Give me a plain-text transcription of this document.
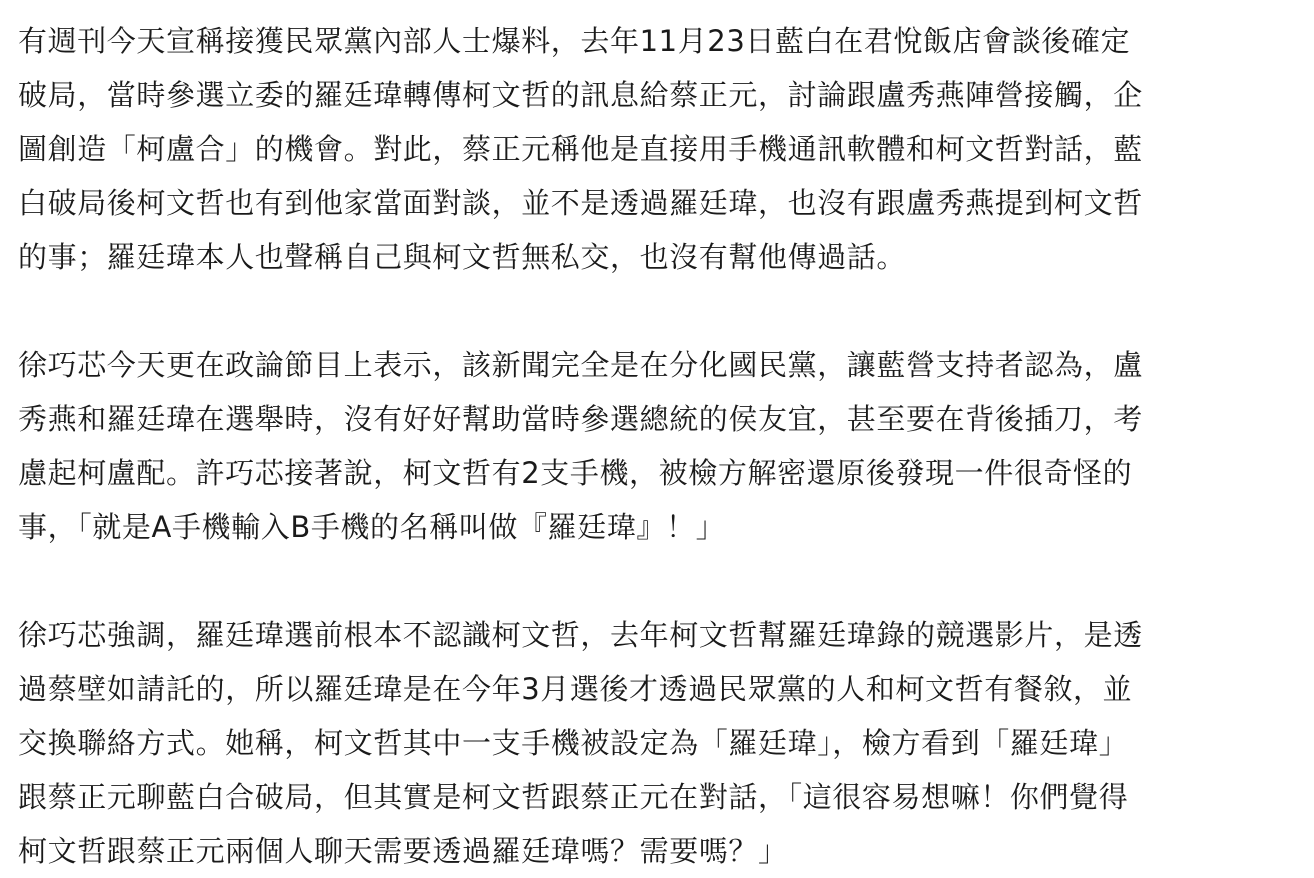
有週刊今天宣稱接獲民眾黨內部人士爆料，去年11月23日藍白在君悅飯店會談後確定
破局，當時參選立委的羅廷瑋轉傳柯文哲的訊息給蔡正元，討論跟盧秀燕陣營接觸，企
圖創造「柯盧合」的機會。對此，蔡正元稱他是直接用手機通訊軟體和柯文哲對話，藍
白破局後柯文哲也有到他家當面對談，並不是透過羅廷瑋，也沒有跟盧秀燕提到柯文哲
的事；羅廷瑋本人也聲稱自己與柯文哲無私交，也沒有幫他傳過話。
徐巧芯今天更在政論節目上表示，該新聞完全是在分化國民黨，讓藍營支持者認為，盧
秀燕和羅廷瑋在選舉時，沒有好好幫助當時參選總統的侯友宜，甚至要在背後插刀，考
慮起柯盧配。許巧芯接著說，柯文哲有2支手機，被檢方解密還原後發現一件很奇怪的
事，「就是A手機輸入B手機的名稱叫做『羅廷瑋』！」
徐巧芯強調，羅廷瑋選前根本不認識柯文哲，去年柯文哲幫羅廷瑋錄的競選影片，是透
過蔡壁如請託的，所以羅廷瑋是在今年3月選後才透過民眾黨的人和柯文哲有餐敘，並
交換聯絡方式。她稱，柯文哲其中一支手機被設定為「羅廷瑋」，檢方看到「羅廷瑋」
跟蔡正元聊藍白合破局，但其實是柯文哲跟蔡正元在對話，「這很容易想嘛！你們覺得
柯文哲跟蔡正元兩個人聊天需要透過羅廷瑋嗎？需要嗎？」
